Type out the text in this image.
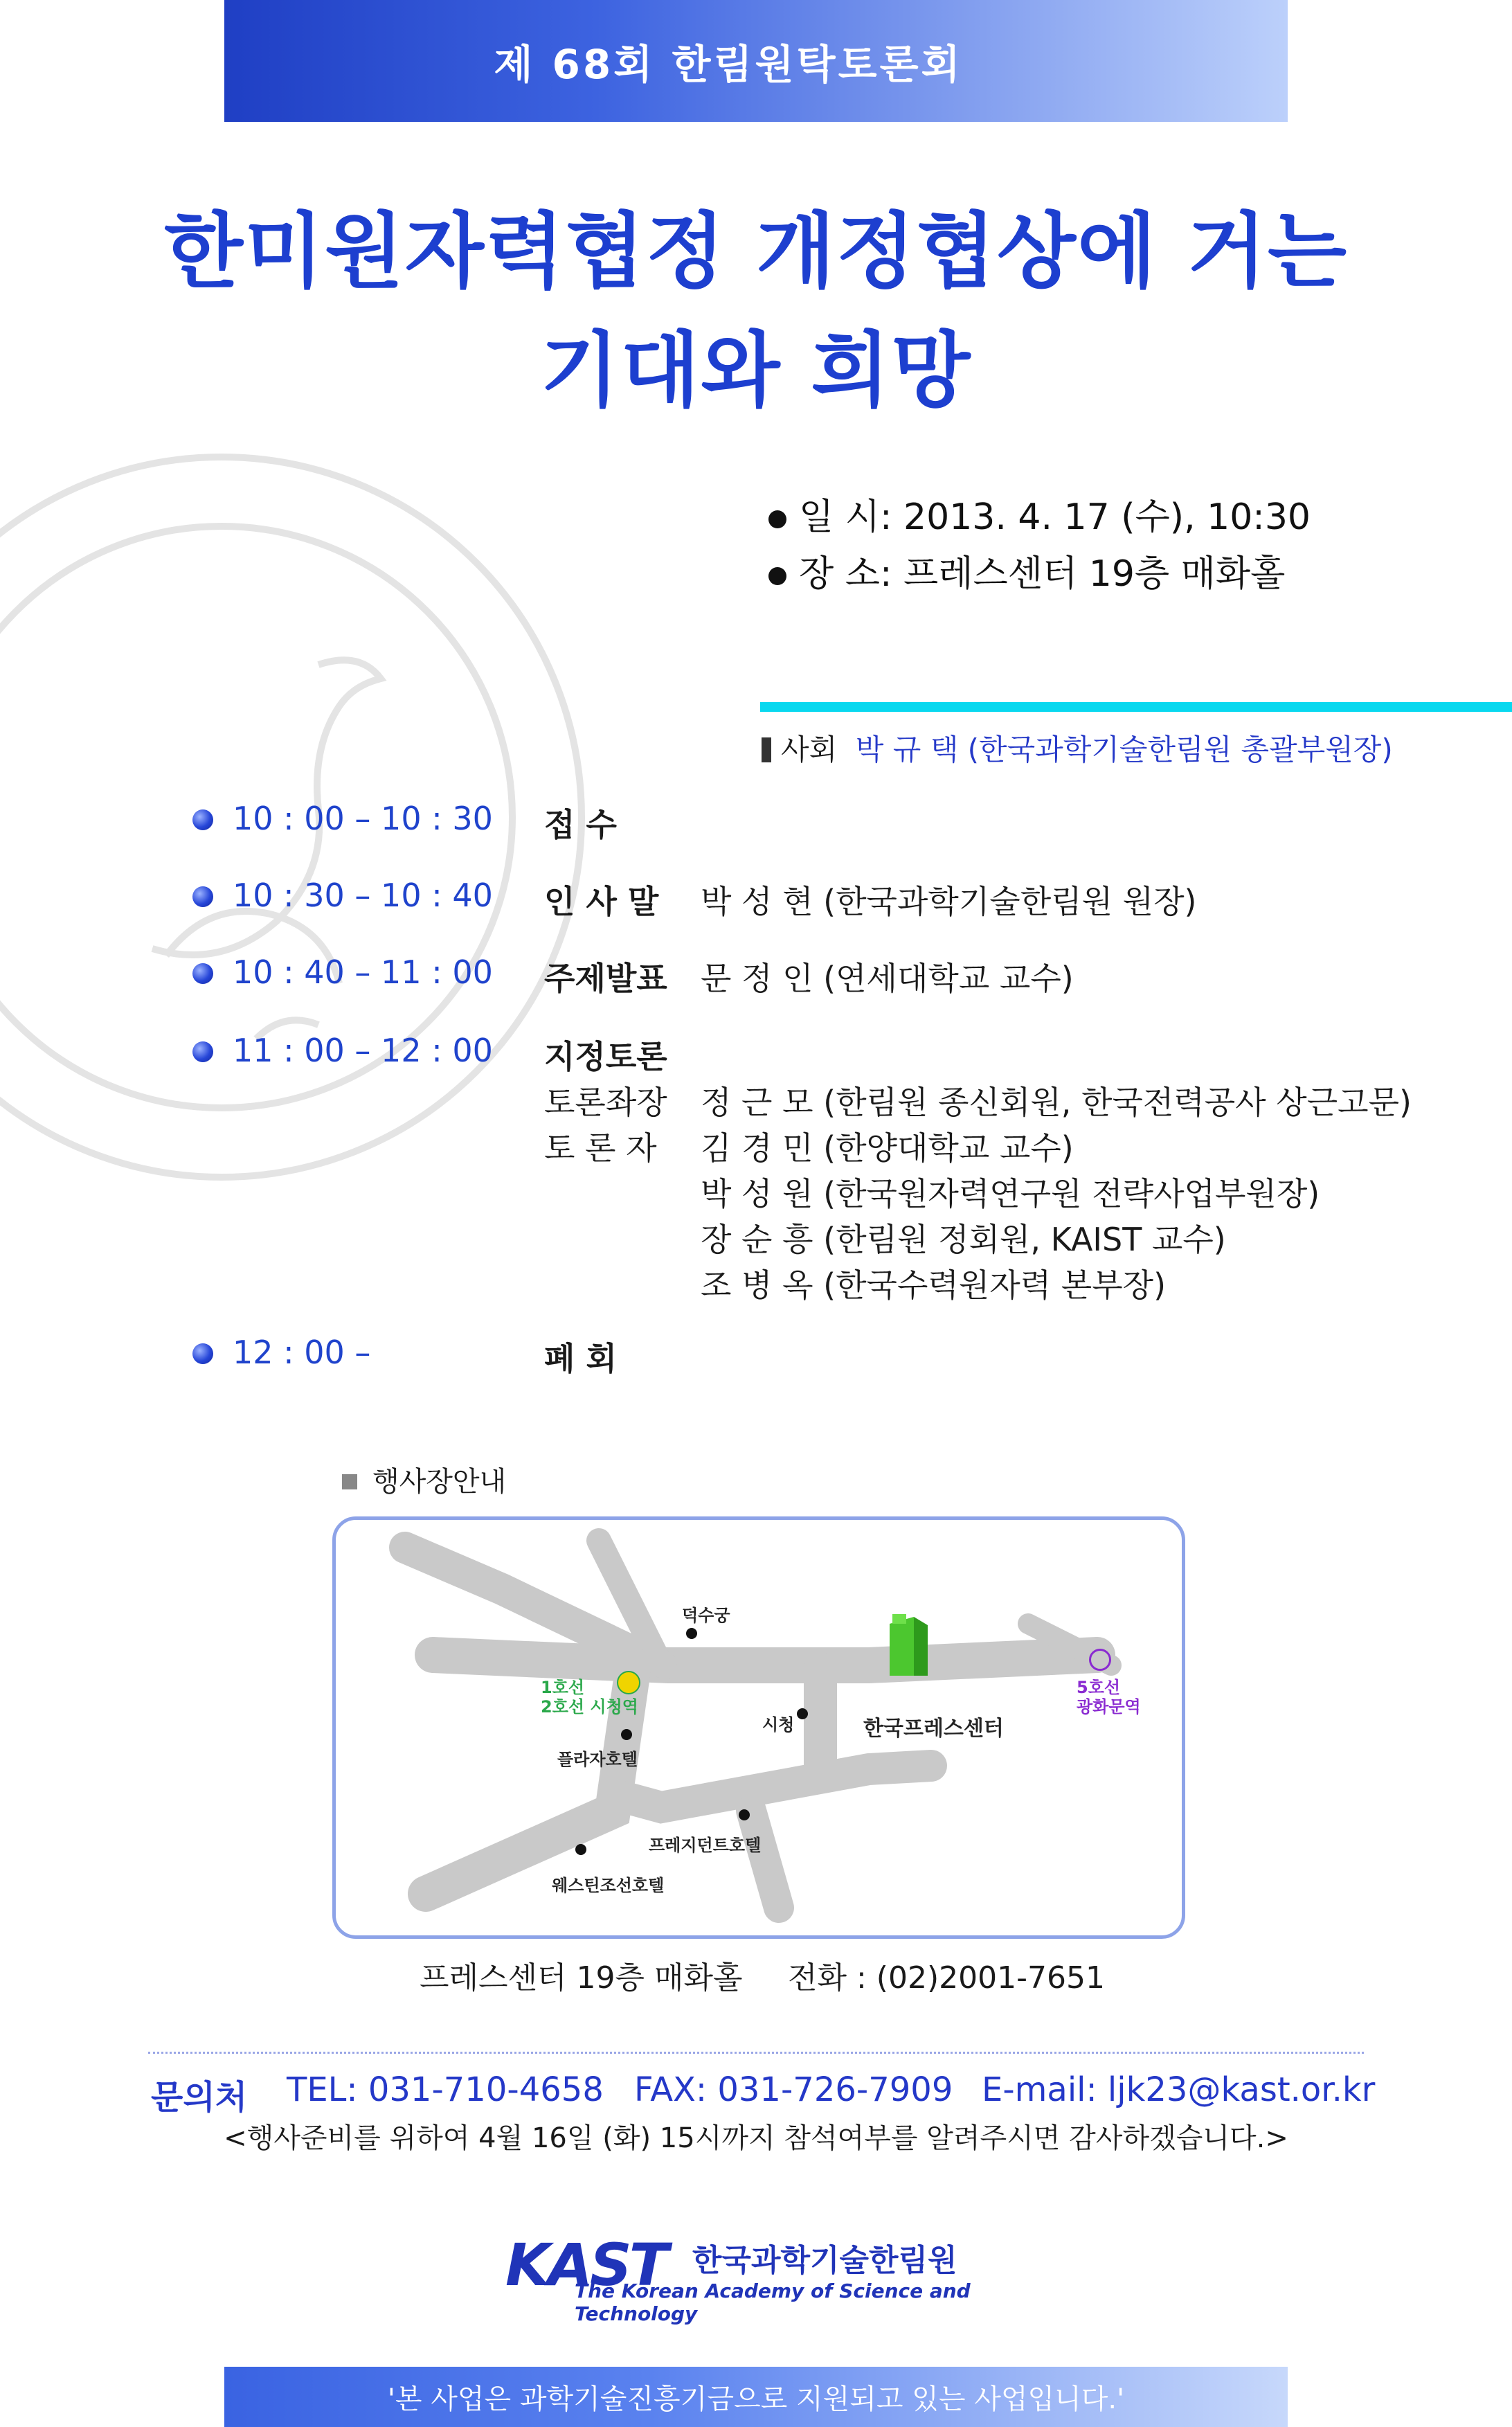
제 68회 한림원탁토론회
한미원자력협정 개정협상에 거는
기대와 희망
일 시: 2013. 4. 17 (수), 10:30
장 소: 프레스센터 19층 매화홀
사회 박 규 택 (한국과학기술한림원 총괄부원장)
10 : 00 – 10 : 30 접 수
10 : 30 – 10 : 40 인 사 말 박 성 현 (한국과학기술한림원 원장)
10 : 40 – 11 : 00 주제발표 문 정 인 (연세대학교 교수)
11 : 00 – 12 : 00 지정토론
토론좌장 정 근 모 (한림원 종신회원, 한국전력공사 상근고문)
토 론 자 김 경 민 (한양대학교 교수)
박 성 원 (한국원자력연구원 전략사업부원장)
장 순 흥 (한림원 정회원, KAIST 교수)
조 병 옥 (한국수력원자력 본부장)
12 : 00 –	폐 회
행사장안내
덕수궁
1호선
2호선 시청역
시청	한국프레스센터
5호선
광화문역
플라자호텔
프레지던트호텔
웨스틴조선호텔
프레스센터 19층 매화홀 전화 : (02)2001-7651
문의처 TEL: 031-710-4658 FAX: 031-726-7909 E-mail: ljk23@kast.or.kr
<행사준비를 위하여 4월 16일 (화) 15시까지 참석여부를 알려주시면 감사하겠습니다.>
KAST 한국과학기술한림원
The Korean Academy of Science and Technology
'본 사업은 과학기술진흥기금으로 지원되고 있는 사업입니다.'
